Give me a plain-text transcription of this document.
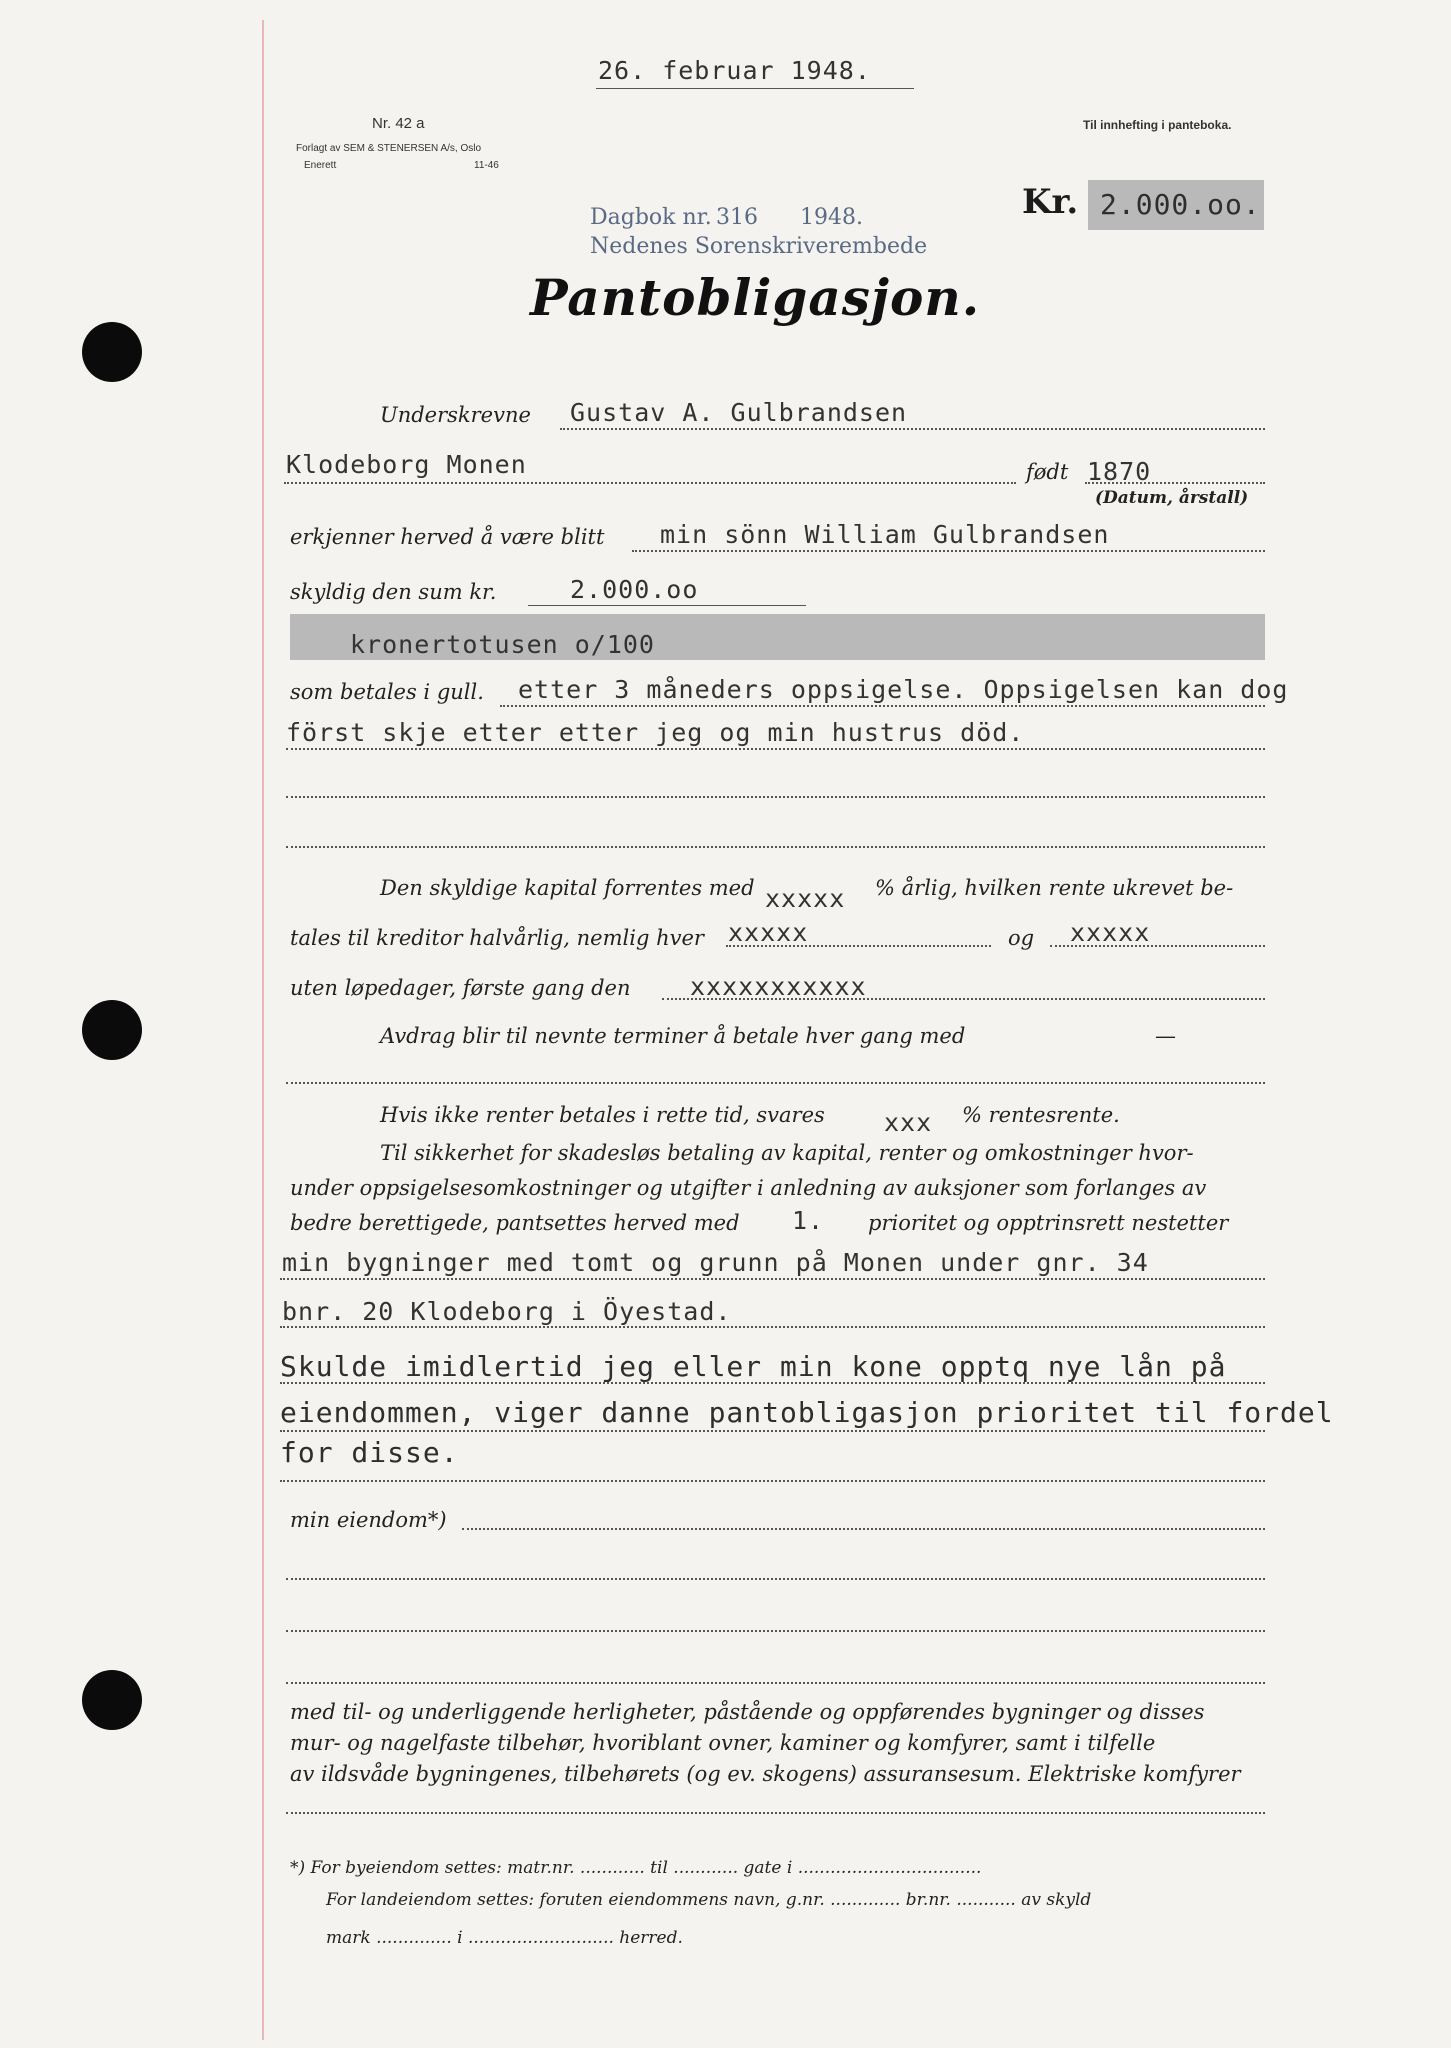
26. februar 1948.
Nr. 42 a
Forlagt av SEM & STENERSEN A/s, Oslo
Enerett	11-46
Til innhefting i panteboka.
Dagbok nr. 316 1948.
Nedenes Sorenskriverembede
Kr. 2.000.oo.
Pantobligasjon.
Underskrevne Gustav A. Gulbrandsen
Klodeborg Monen	født 1870
(Datum, årstall)
erkjenner herved å være blitt min sönn William Gulbrandsen
skyldig den sum kr.	2.000.oo
kronertotusen o/100
som betales i gull. etter 3 måneders oppsigelse. Oppsigelsen kan dog
först skje etter etter jeg og min hustrus död.
Den skyldige kapital forrentes med xxxxx % årlig, hvilken rente ukrevet be-
tales til kreditor halvårlig, nemlig hver xxxxx	og xxxxx
uten løpedager, første gang den xxxxxxxxxxx
Avdrag blir til nevnte terminer å betale hver gang med	—
Hvis ikke renter betales i rette tid, svares xxx % rentesrente.
Til sikkerhet for skadesløs betaling av kapital, renter og omkostninger hvor-
under oppsigelsesomkostninger og utgifter i anledning av auksjoner som forlanges av
bedre berettigede, pantsettes herved med 1. prioritet og opptrinsrett nestetter
min bygninger med tomt og grunn på Monen under gnr. 34
bnr. 20 Klodeborg i Öyestad.
Skulde imidlertid jeg eller min kone opptq nye lån på
eiendommen, viger danne pantobligasjon prioritet til fordel
for disse.
min eiendom*)
med til- og underliggende herligheter, påstående og oppførendes bygninger og disses
mur- og nagelfaste tilbehør, hvoriblant ovner, kaminer og komfyrer, samt i tilfelle
av ildsvåde bygningenes, tilbehørets (og ev. skogens) assuransesum. Elektriske komfyrer
*) For byeiendom settes: matr.nr. ............ til ............ gate i ..................................
For landeiendom settes: foruten eiendommens navn, g.nr. ............. br.nr. ........... av skyld
mark .............. i ........................... herred.
